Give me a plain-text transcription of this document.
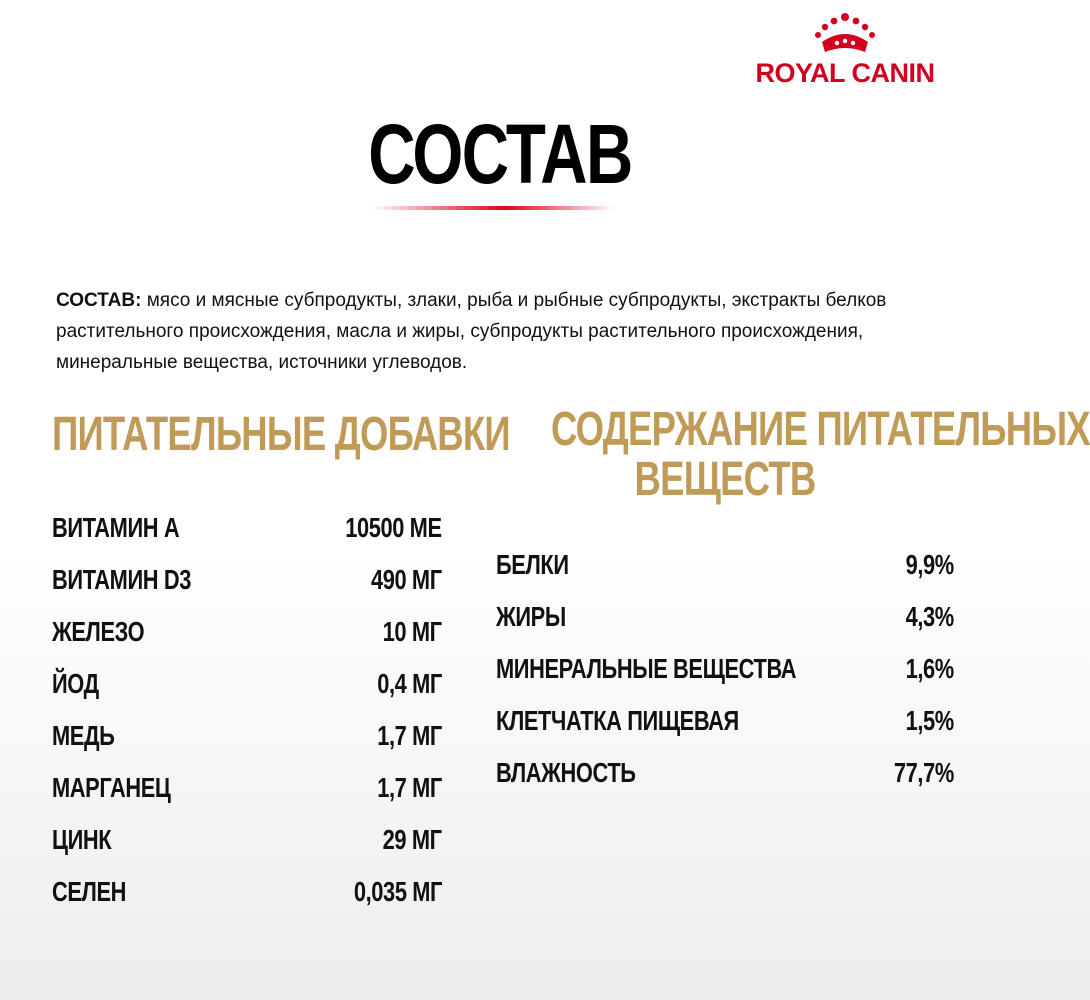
ROYAL CANIN
СОСТАВ

СОСТАВ: мясо и мясные субпродукты, злаки, рыба и рыбные субпродукты, экстракты белков растительного происхождения, масла и жиры, субпродукты растительного происхождения, минеральные вещества, источники углеводов.

ПИТАТЕЛЬНЫЕ ДОБАВКИ
ВИТАМИН А	10500 МЕ
ВИТАМИН D3	490 МГ
ЖЕЛЕЗО	10 МГ
ЙОД	0,4 МГ
МЕДЬ	1,7 МГ
МАРГАНЕЦ	1,7 МГ
ЦИНК	29 МГ
СЕЛЕН	0,035 МГ
СОДЕРЖАНИЕ ПИТАТЕЛЬНЫХ
ВЕЩЕСТВ
БЕЛКИ	9,9%
ЖИРЫ	4,3%
МИНЕРАЛЬНЫЕ ВЕЩЕСТВА	1,6%
КЛЕТЧАТКА ПИЩЕВАЯ	1,5%
ВЛАЖНОСТЬ	77,7%
